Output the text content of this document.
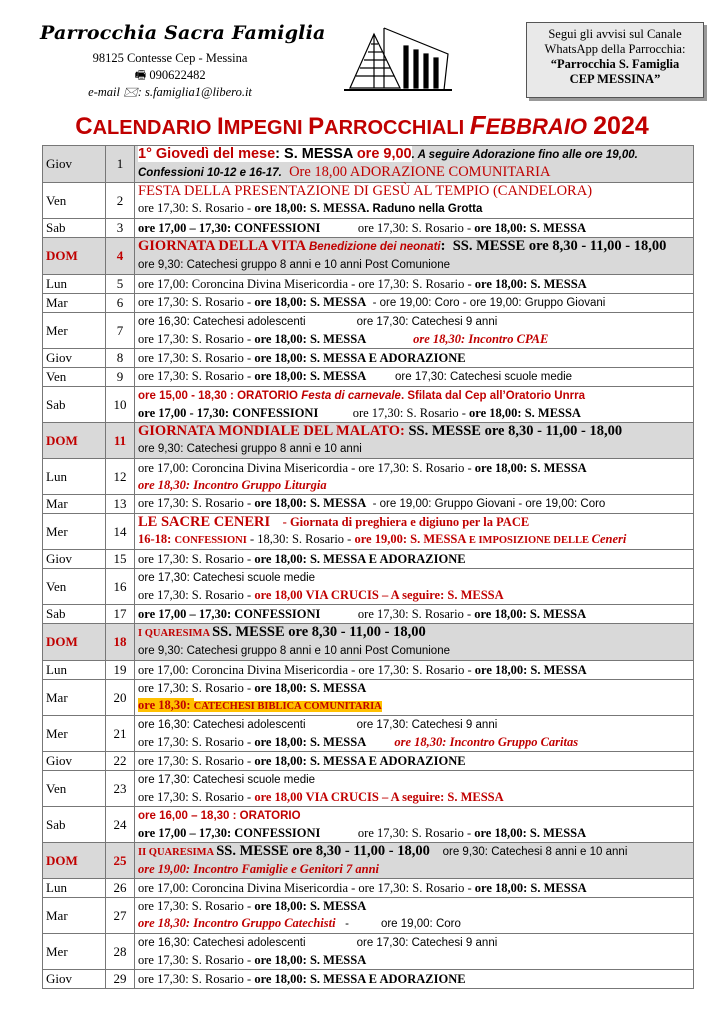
Parrocchia Sacra Famiglia
98125 Contesse Cep - Messina
🖷 090622482
e-mail 🖂: s.famiglia1@libero.it
Segui gli avvisi sul Canale
WhatsApp della Parrocchia:
“Parrocchia S. Famiglia
CEP MESSINA”
CALENDARIO IMPEGNI PARROCCHIALI FEBBRAIO 2024
Giov	1	1° Giovedì del mese: S. MESSA ore 9,00. A seguire Adorazione fino alle ore 19,00.
Confessioni 10-12 e 16-17.  Ore 18,00 ADORAZIONE COMUNITARIA

Ven	2	FESTA DELLA PRESENTAZIONE DI GESÙ AL TEMPIO (CANDELORA)
ore 17,30: S. Rosario - ore 18,00: S. MESSA. Raduno nella Grotta

Sab	3	ore 17,00 – 17,30: CONFESSIONI            ore 17,30: S. Rosario - ore 18,00: S. MESSA

DOM	4	GIORNATA DELLA VITA Benedizione dei neonati:  SS. MESSE ore 8,30 - 11,00 - 18,00
ore 9,30: Catechesi gruppo 8 anni e 10 anni Post Comunione

Lun	5	ore 17,00: Coroncina Divina Misericordia - ore 17,30: S. Rosario - ore 18,00: S. MESSA

Mar	6	ore 17,30: S. Rosario - ore 18,00: S. MESSA  - ore 19,00: Coro - ore 19,00: Gruppo Giovani

Mer	7	ore 16,30: Catechesi adolescenti                ore 17,30: Catechesi 9 anni
ore 17,30: S. Rosario - ore 18,00: S. MESSA               ore 18,30: Incontro CPAE

Giov	8	ore 17,30: S. Rosario - ore 18,00: S. MESSA E ADORAZIONE

Ven	9	ore 17,30: S. Rosario - ore 18,00: S. MESSA         ore 17,30: Catechesi scuole medie

Sab	10	ore 15,00 - 18,30 : ORATORIO Festa di carnevale. Sfilata dal Cep all’Oratorio Unrra
ore 17,00 - 17,30: CONFESSIONI           ore 17,30: S. Rosario - ore 18,00: S. MESSA

DOM	11	GIORNATA MONDIALE DEL MALATO: SS. MESSE ore 8,30 - 11,00 - 18,00
ore 9,30: Catechesi gruppo 8 anni e 10 anni

Lun	12	ore 17,00: Coroncina Divina Misericordia - ore 17,30: S. Rosario - ore 18,00: S. MESSA
ore 18,30: Incontro Gruppo Liturgia

Mar	13	ore 17,30: S. Rosario - ore 18,00: S. MESSA  - ore 19,00: Gruppo Giovani - ore 19,00: Coro

Mer	14	LE SACRE CENERI    - Giornata di preghiera e digiuno per la PACE
16-18: CONFESSIONI - 18,30: S. Rosario - ore 19,00: S. MESSA E IMPOSIZIONE DELLE Ceneri

Giov	15	ore 17,30: S. Rosario - ore 18,00: S. MESSA E ADORAZIONE

Ven	16	ore 17,30: Catechesi scuole medie
ore 17,30: S. Rosario - ore 18,00 VIA CRUCIS – A seguire: S. MESSA

Sab	17	ore 17,00 – 17,30: CONFESSIONI            ore 17,30: S. Rosario - ore 18,00: S. MESSA

DOM	18	I QUARESIMA SS. MESSE ore 8,30 - 11,00 - 18,00
ore 9,30: Catechesi gruppo 8 anni e 10 anni Post Comunione

Lun	19	ore 17,00: Coroncina Divina Misericordia - ore 17,30: S. Rosario - ore 18,00: S. MESSA

Mar	20	ore 17,30: S. Rosario - ore 18,00: S. MESSA
ore 18,30: CATECHESI BIBLICA COMUNITARIA

Mer	21	ore 16,30: Catechesi adolescenti                ore 17,30: Catechesi 9 anni
ore 17,30: S. Rosario - ore 18,00: S. MESSA         ore 18,30: Incontro Gruppo Caritas

Giov	22	ore 17,30: S. Rosario - ore 18,00: S. MESSA E ADORAZIONE

Ven	23	ore 17,30: Catechesi scuole medie
ore 17,30: S. Rosario - ore 18,00 VIA CRUCIS – A seguire: S. MESSA

Sab	24	ore 16,00 – 18,30 : ORATORIO
ore 17,00 – 17,30: CONFESSIONI            ore 17,30: S. Rosario - ore 18,00: S. MESSA

DOM	25	II QUARESIMA SS. MESSE ore 8,30 - 11,00 - 18,00    ore 9,30: Catechesi 8 anni e 10 anni
ore 19,00: Incontro Famiglie e Genitori 7 anni

Lun	26	ore 17,00: Coroncina Divina Misericordia - ore 17,30: S. Rosario - ore 18,00: S. MESSA

Mar	27	ore 17,30: S. Rosario - ore 18,00: S. MESSA
ore 18,30: Incontro Gruppo Catechisti   -          ore 19,00: Coro

Mer	28	ore 16,30: Catechesi adolescenti                ore 17,30: Catechesi 9 anni
ore 17,30: S. Rosario - ore 18,00: S. MESSA

Giov	29	ore 17,30: S. Rosario - ore 18,00: S. MESSA E ADORAZIONE
